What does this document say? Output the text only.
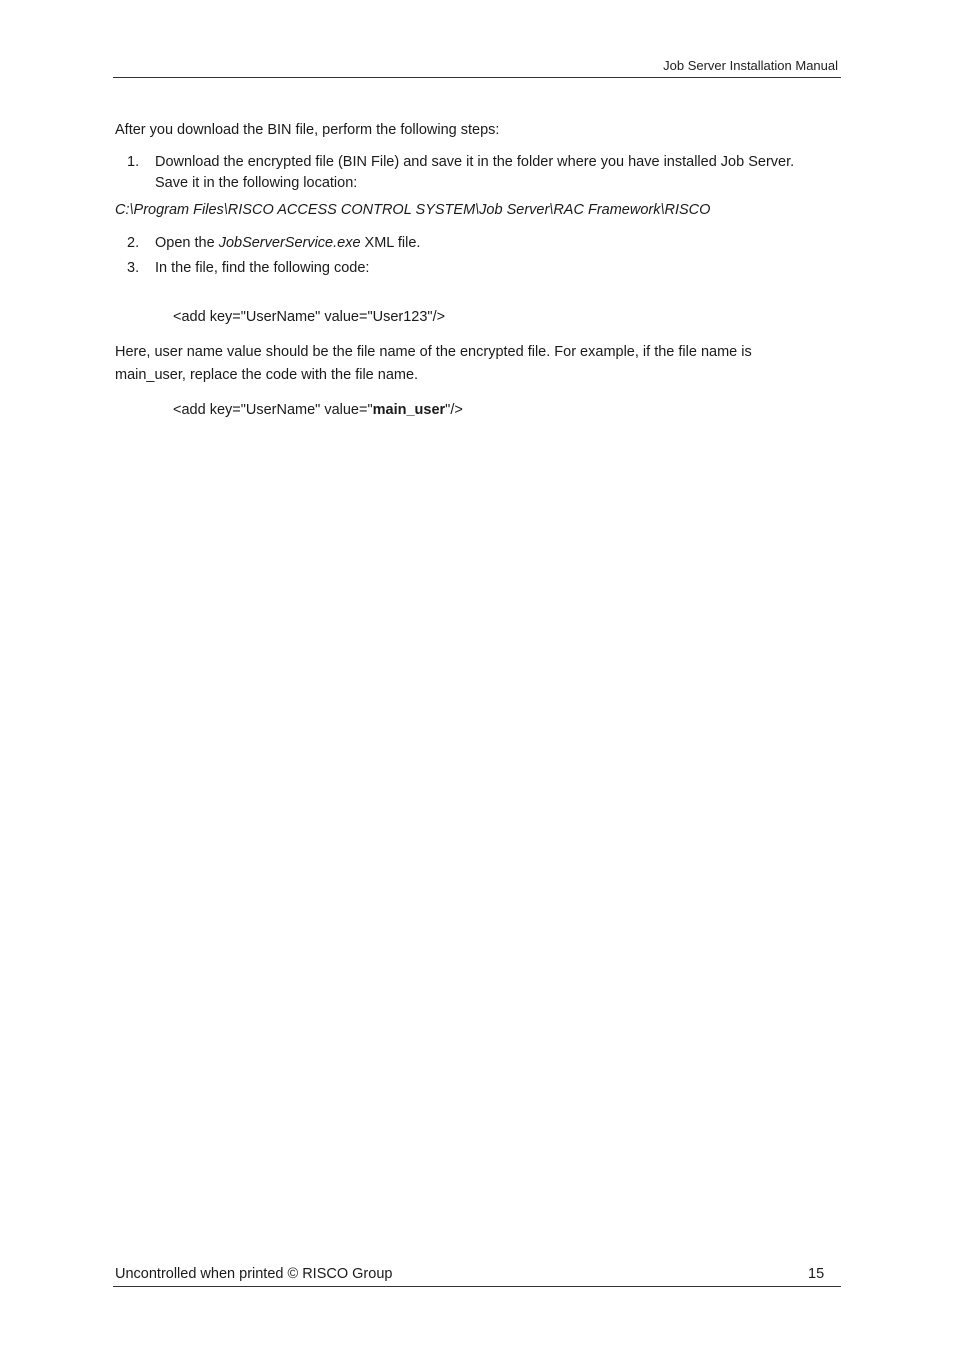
Job Server Installation Manual
After you download the BIN file, perform the following steps:
1. Download the encrypted file (BIN File) and save it in the folder where you have installed Job Server.
Save it in the following location:
C:\Program Files\RISCO ACCESS CONTROL SYSTEM\Job Server\RAC Framework\RISCO
2. Open the JobServerService.exe XML file.
3. In the file, find the following code:
<add key="UserName" value="User123"/>
Here, user name value should be the file name of the encrypted file. For example, if the file name is
main_user, replace the code with the file name.
<add key="UserName" value="main_user"/>
Uncontrolled when printed © RISCO Group	15
